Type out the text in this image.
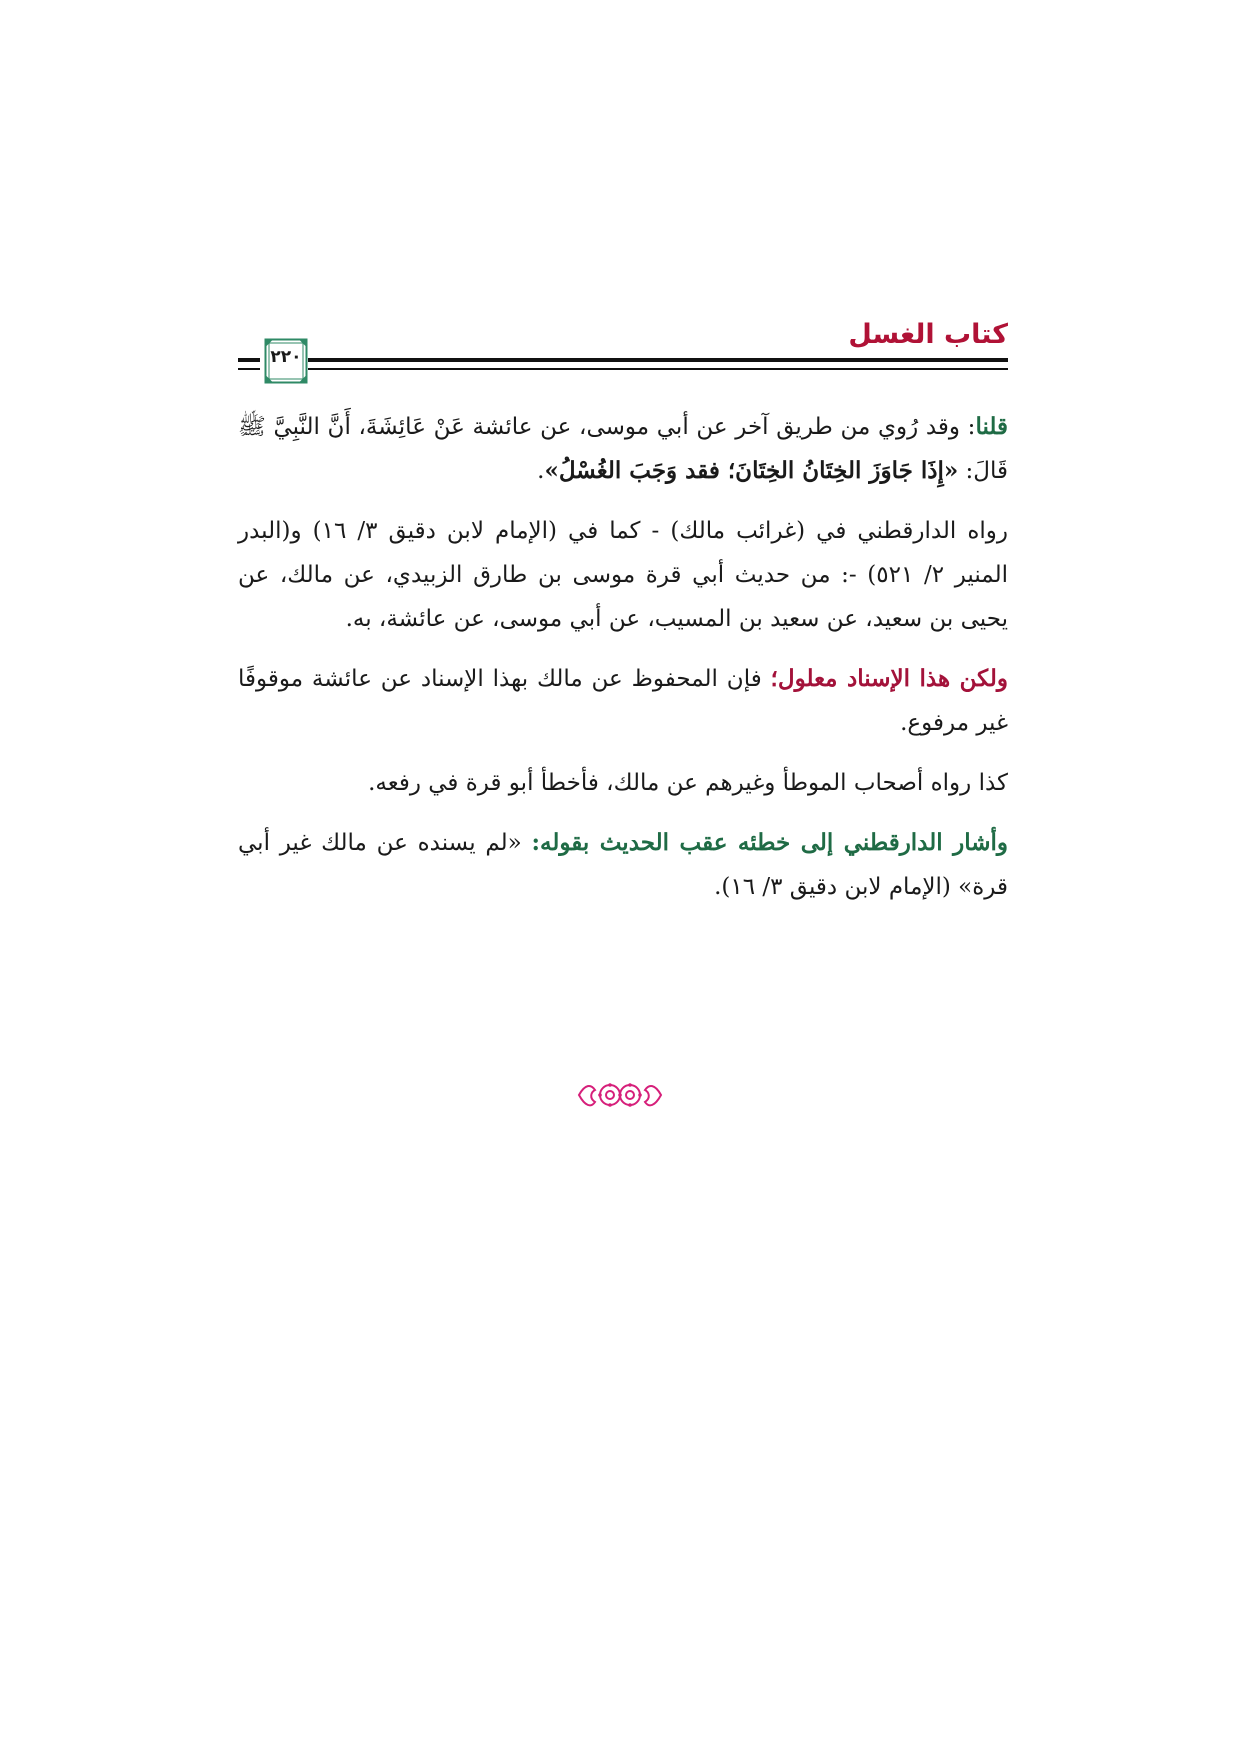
كتاب الغسل
٢٢٠

قلنا: وقد رُوي من طريق آخر عن أبي موسى، عن عائشة عَنْ عَائِشَةَ، أَنَّ النَّبِيَّ ﷺ قَالَ: «إِذَا جَاوَزَ الخِتَانُ الخِتَانَ؛ فقد وَجَبَ الغُسْلُ».

رواه الدارقطني في (غرائب مالك) - كما في (الإمام لابن دقيق ٣/ ١٦) و(البدر المنير ٢/ ٥٢١) -: من حديث أبي قرة موسى بن طارق الزبيدي، عن مالك، عن يحيى بن سعيد، عن سعيد بن المسيب، عن أبي موسى، عن عائشة، به.

ولكن هذا الإسناد معلول؛ فإن المحفوظ عن مالك بهذا الإسناد عن عائشة موقوفًا غير مرفوع.

كذا رواه أصحاب الموطأ وغيرهم عن مالك، فأخطأ أبو قرة في رفعه.

وأشار الدارقطني إلى خطئه عقب الحديث بقوله: «لم يسنده عن مالك غير أبي قرة» (الإمام لابن دقيق ٣/ ١٦).
